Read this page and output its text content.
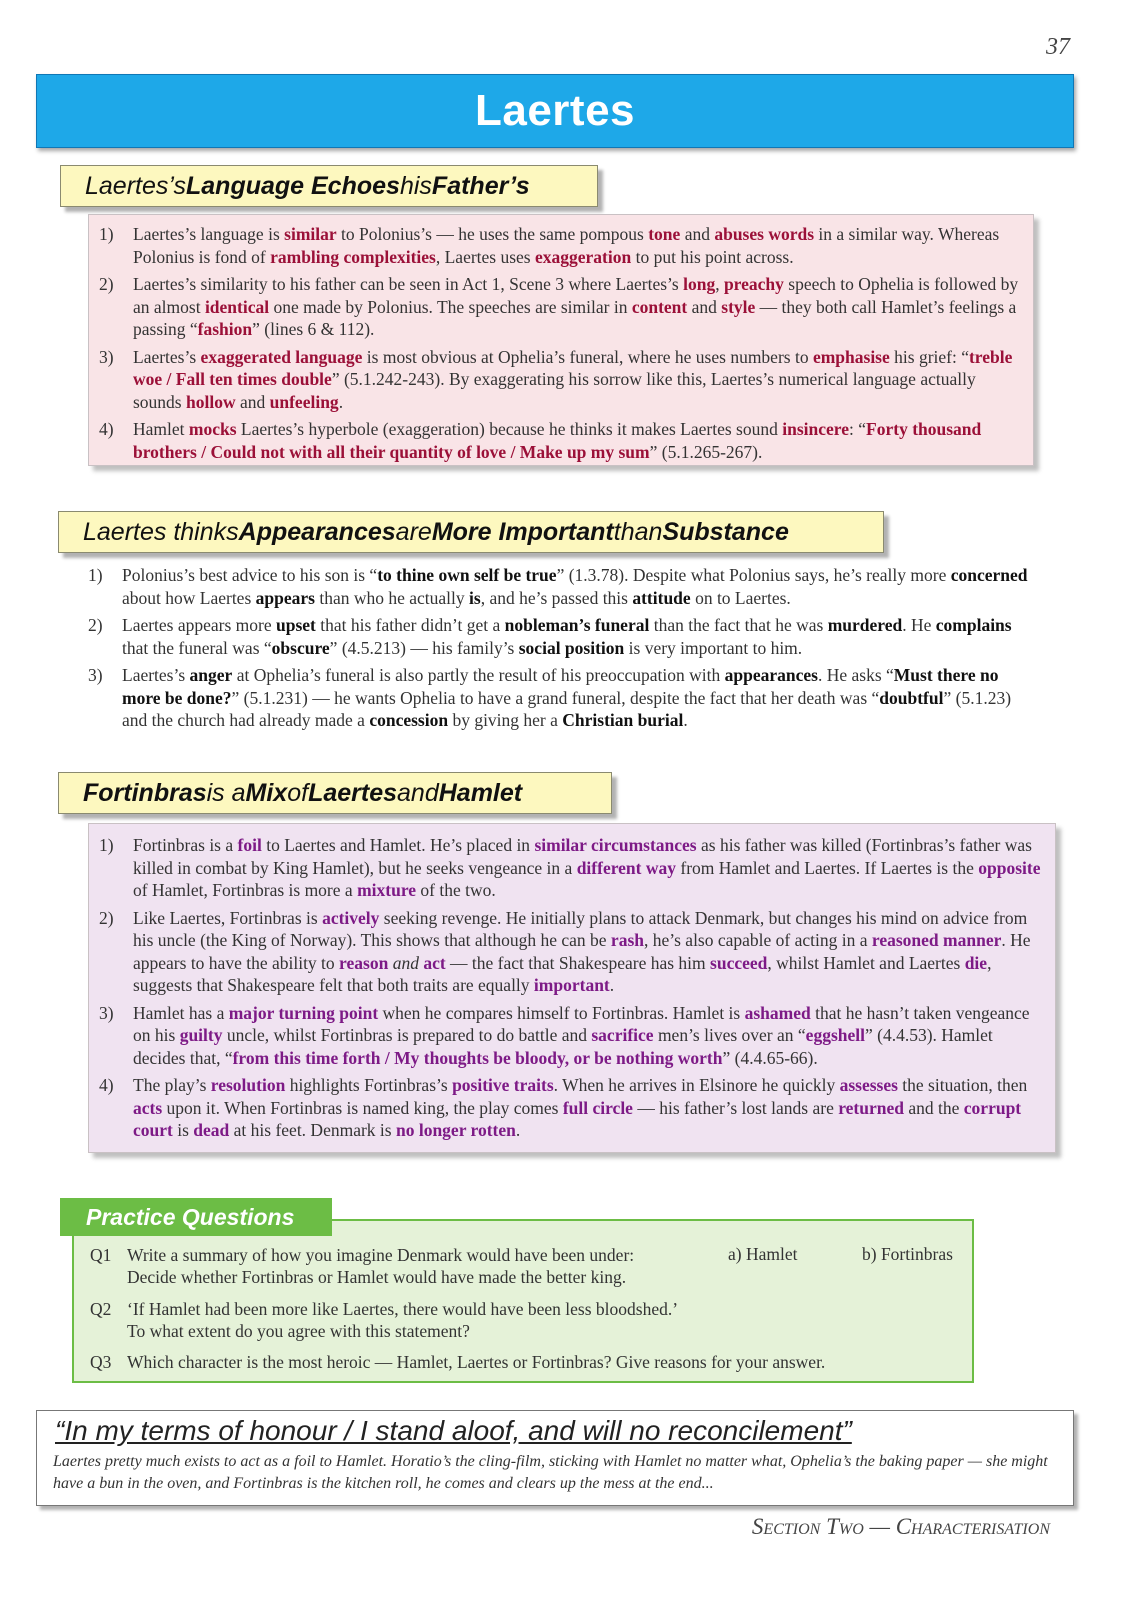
37
Laertes
Laertes’s Language Echoes his Father’s
1) Laertes’s language is similar to Polonius’s — he uses the same pompous tone and abuses words in a similar way. Whereas Polonius is fond of rambling complexities, Laertes uses exaggeration to put his point across.
2) Laertes’s similarity to his father can be seen in Act 1, Scene 3 where Laertes’s long, preachy speech to Ophelia is followed by an almost identical one made by Polonius. The speeches are similar in content and style — they both call Hamlet’s feelings a passing “fashion” (lines 6 & 112).
3) Laertes’s exaggerated language is most obvious at Ophelia’s funeral, where he uses numbers to emphasise his grief: “treble woe / Fall ten times double” (5.1.242-243). By exaggerating his sorrow like this, Laertes’s numerical language actually sounds hollow and unfeeling.
4) Hamlet mocks Laertes’s hyperbole (exaggeration) because he thinks it makes Laertes sound insincere: “Forty thousand brothers / Could not with all their quantity of love / Make up my sum” (5.1.265-267).
Laertes thinks Appearances are More Important than Substance
1) Polonius’s best advice to his son is “to thine own self be true” (1.3.78). Despite what Polonius says, he’s really more concerned about how Laertes appears than who he actually is, and he’s passed this attitude on to Laertes.
2) Laertes appears more upset that his father didn’t get a nobleman’s funeral than the fact that he was murdered. He complains that the funeral was “obscure” (4.5.213) — his family’s social position is very important to him.
3) Laertes’s anger at Ophelia’s funeral is also partly the result of his preoccupation with appearances. He asks “Must there no more be done?” (5.1.231) — he wants Ophelia to have a grand funeral, despite the fact that her death was “doubtful” (5.1.23) and the church had already made a concession by giving her a Christian burial.
Fortinbras is a Mix of Laertes and Hamlet
1) Fortinbras is a foil to Laertes and Hamlet. He’s placed in similar circumstances as his father was killed (Fortinbras’s father was killed in combat by King Hamlet), but he seeks vengeance in a different way from Hamlet and Laertes. If Laertes is the opposite of Hamlet, Fortinbras is more a mixture of the two.
2) Like Laertes, Fortinbras is actively seeking revenge. He initially plans to attack Denmark, but changes his mind on advice from his uncle (the King of Norway). This shows that although he can be rash, he’s also capable of acting in a reasoned manner. He appears to have the ability to reason and act — the fact that Shakespeare has him succeed, whilst Hamlet and Laertes die, suggests that Shakespeare felt that both traits are equally important.
3) Hamlet has a major turning point when he compares himself to Fortinbras. Hamlet is ashamed that he hasn’t taken vengeance on his guilty uncle, whilst Fortinbras is prepared to do battle and sacrifice men’s lives over an “eggshell” (4.4.53). Hamlet decides that, “from this time forth / My thoughts be bloody, or be nothing worth” (4.4.65-66).
4) The play’s resolution highlights Fortinbras’s positive traits. When he arrives in Elsinore he quickly assesses the situation, then acts upon it. When Fortinbras is named king, the play comes full circle — his father’s lost lands are returned and the corrupt court is dead at his feet. Denmark is no longer rotten.
Q1 Write a summary of how you imagine Denmark would have been under:
Decide whether Fortinbras or Hamlet would have made the better king.
a) Hamlet	b) Fortinbras
Q2 ‘If Hamlet had been more like Laertes, there would have been less bloodshed.’
To what extent do you agree with this statement?
Q3 Which character is the most heroic — Hamlet, Laertes or Fortinbras? Give reasons for your answer.
Practice Questions
“In my terms of honour / I stand aloof, and will no reconcilement”
Laertes pretty much exists to act as a foil to Hamlet. Horatio’s the cling-film, sticking with Hamlet no matter what, Ophelia’s the baking paper — she might have a bun in the oven, and Fortinbras is the kitchen roll, he comes and clears up the mess at the end...
Section Two — Characterisation
